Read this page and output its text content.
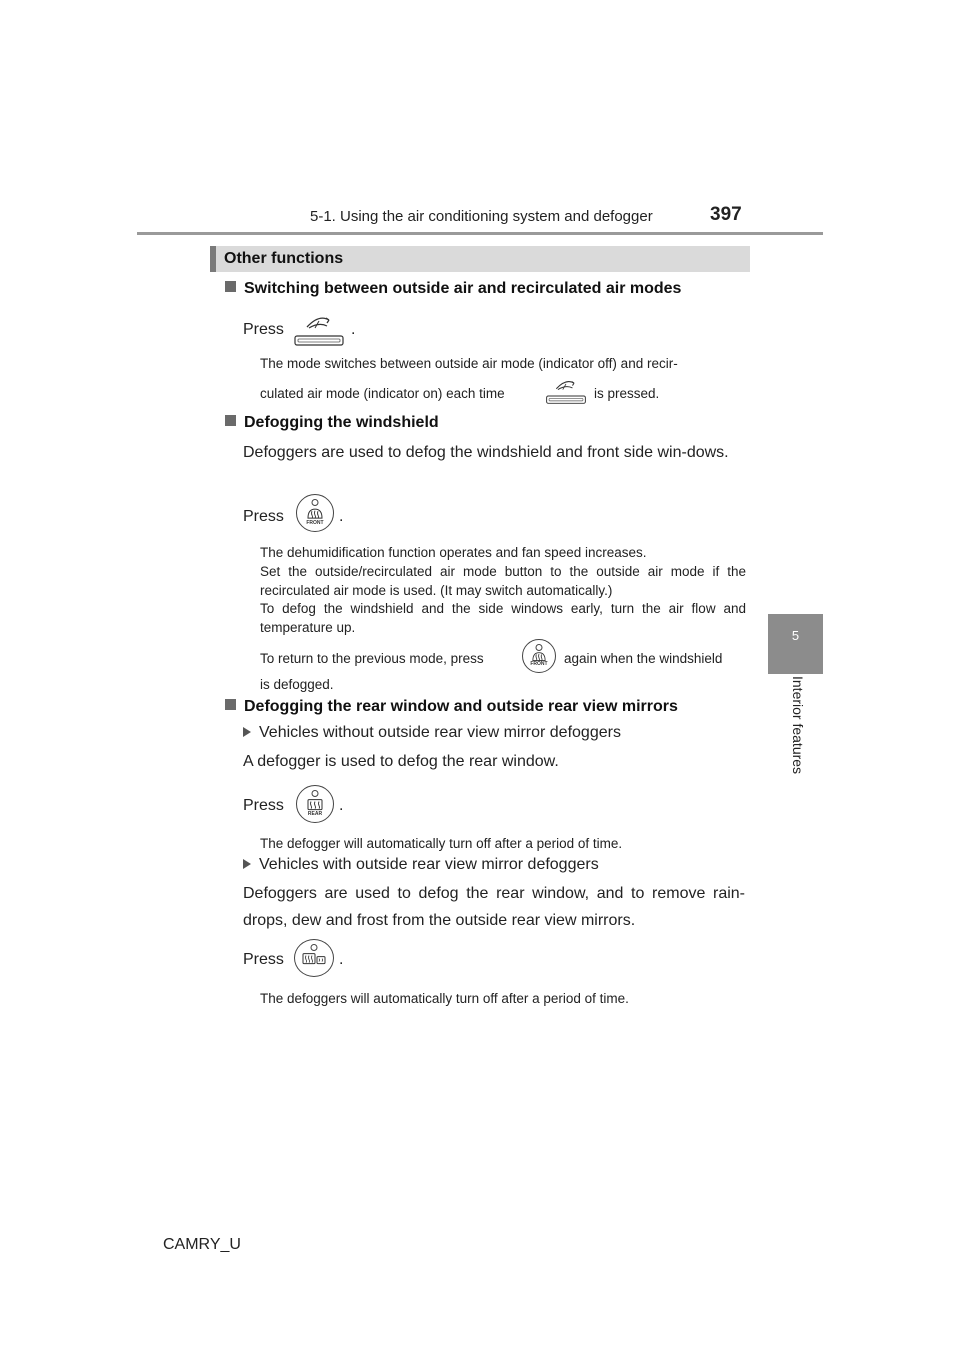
5-1. Using the air conditioning system and defogger	397
5
Interior features
Other functions
Switching between outside air and recirculated air modes
Press	.
The mode switches between outside air mode (indicator off) and recir-
culated air mode (indicator on) each time	is pressed.
Defogging the windshield
Defoggers are used to defog the windshield and front side win-dows.
Press	FRONT .
The dehumidification function operates and fan speed increases.
Set the outside/recirculated air mode button to the outside air mode if the recirculated air mode is used. (It may switch automatically.)
To defog the windshield and the side windows early, turn the air flow and temperature up.
To return to the previous mode, press	FRONT	again when the windshield
is defogged.
Defogging the rear window and outside rear view mirrors
Vehicles without outside rear view mirror defoggers
A defogger is used to defog the rear window.
Press	REAR	.
The defogger will automatically turn off after a period of time.
Vehicles with outside rear view mirror defoggers
Defoggers are used to defog the rear window, and to remove rain-drops, dew and frost from the outside rear view mirrors.
Press	.
The defoggers will automatically turn off after a period of time.
CAMRY_U
